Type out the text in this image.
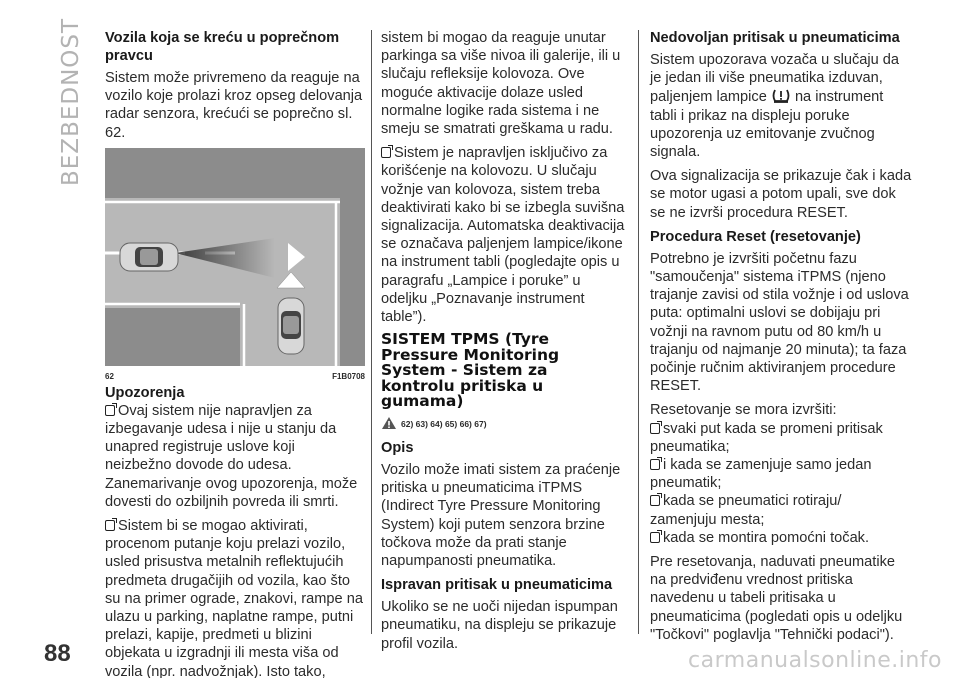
BEZBEDNOST Vozila koja se kreću u poprečnom pravcu
Sistem može privremeno da reaguje na vozilo koje prolazi kroz opseg delovanja radar senzora, krećući se poprečno sl. 62.
62	F1B0708
Upozorenja
Ovaj sistem nije napravljen za izbegavanje udesa i nije u stanju da unapred registruje uslove koji neizbežno dovode do udesa. Zanemarivanje ovog upozorenja, može dovesti do ozbiljnih povreda ili smrti.
Sistem bi se mogao aktivirati, procenom putanje koju prelazi vozilo, usled prisustva metalnih reflektujućih predmeta drugačijih od vozila, kao što su na primer ograde, znakovi, rampe na ulazu u parking, naplatne rampe, putni prelazi, kapije, predmeti u blizini objekata u izgradnji ili mesta viša od vozila (npr. nadvožnjak). Isto tako,
sistem bi mogao da reaguje unutar parkinga sa više nivoa ili galerije, ili u slučaju refleksije kolovoza. Ove moguće aktivacije dolaze usled normalne logike rada sistema i ne smeju se smatrati greškama u radu.
Sistem je napravljen isključivo za korišćenje na kolovozu. U slučaju vožnje van kolovoza, sistem treba deaktivirati kako bi se izbegla suvišna signalizacija. Automatska deaktivacija se označava paljenjem lampice/ikone na instrument tabli (pogledajte opis u paragrafu „Lampice i poruke” u odeljku „Poznavanje instrument table”).
SISTEM TPMS (Tyre Pressure Monitoring System - Sistem za kontrolu pritiska u gumama)
62) 63) 64) 65) 66) 67)
Opis
Vozilo može imati sistem za praćenje pritiska u pneumaticima iTPMS (Indirect Tyre Pressure Monitoring System) koji putem senzora brzine točkova može da prati stanje napumpanosti pneumatika.
Ispravan pritisak u pneumaticima
Ukoliko se ne uoči nijedan ispumpan pneumatiku, na displeju se prikazuje profil vozila.
Nedovoljan pritisak u pneumaticima
Sistem upozorava vozača u slučaju da je jedan ili više pneumatika izduvan, paljenjem lampice na instrument tabli i prikaz na displeju poruke upozorenja uz emitovanje zvučnog signala.
Ova signalizacija se prikazuje čak i kada se motor ugasi a potom upali, sve dok se ne izvrši procedura RESET.
Procedura Reset (resetovanje)
Potrebno je izvršiti početnu fazu "samoučenja" sistema iTPMS (njeno trajanje zavisi od stila vožnje i od uslova puta: optimalni uslovi se dobijaju pri vožnji na ravnom putu od 80 km/h u trajanju od najmanje 20 minuta); ta faza počinje ručnim aktiviranjem procedure RESET.
Resetovanje se mora izvršiti:
svaki put kada se promeni pritisak pneumatika;
i kada se zamenjuje samo jedan pneumatik;
kada se pneumatici rotiraju/ zamenjuju mesta;
kada se montira pomoćni točak.
Pre resetovanja, naduvati pneumatike na predviđenu vrednost pritiska navedenu u tabeli pritisaka u pneumaticima (pogledati opis u odeljku "Točkovi" poglavlja "Tehnički podaci").
88	carmanualsonline.info
